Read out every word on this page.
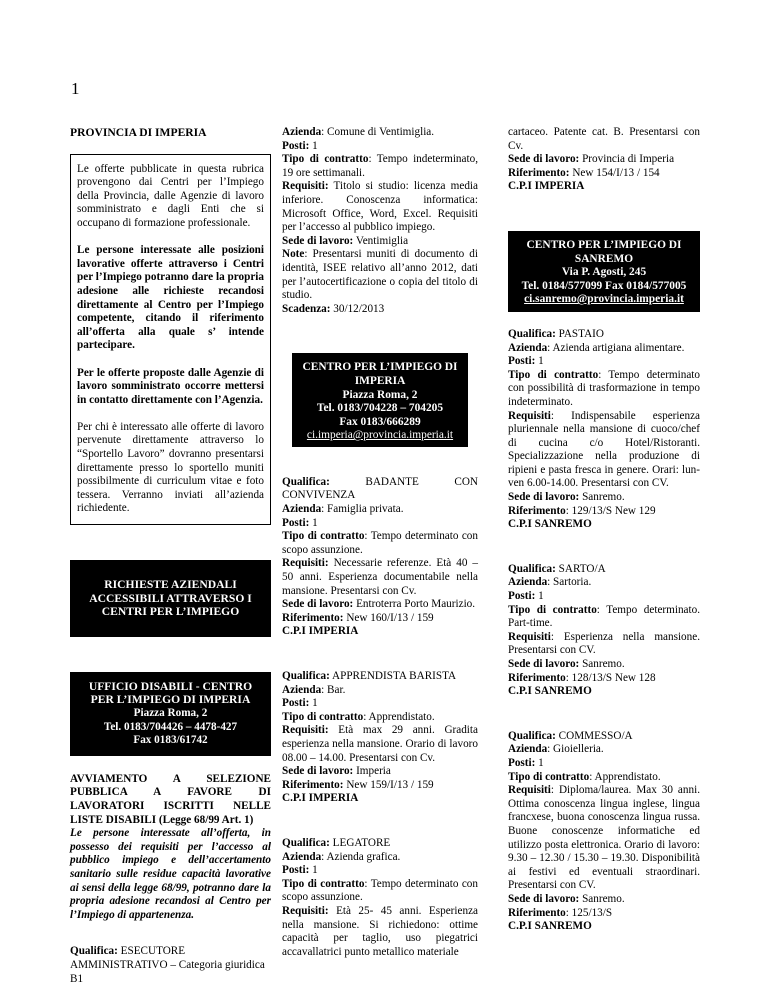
1

PROVINCIA DI IMPERIA

Le offerte pubblicate in questa rubrica provengono dai Centri per l’Impiego della Provincia, dalle Agenzie di lavoro somministrato e dagli Enti che si occupano di formazione professionale.

Le persone interessate alle posizioni lavorative offerte attraverso i Centri per l’Impiego potranno dare la propria adesione alle richieste recandosi direttamente al Centro per l’Impiego competente, citando il riferimento all’offerta alla quale s’ intende partecipare.

Per le offerte proposte dalle Agenzie di lavoro somministrato occorre mettersi in contatto direttamente con l’Agenzia.

Per chi è interessato alle offerte di lavoro pervenute direttamente attraverso lo “Sportello Lavoro” dovranno presentarsi direttamente presso lo sportello muniti possibilmente di curriculum vitae e foto tessera. Verranno inviati all’azienda richiedente.

RICHIESTE AZIENDALI ACCESSIBILI ATTRAVERSO I CENTRI PER L’IMPIEGO

UFFICIO DISABILI - CENTRO PER L’IMPIEGO DI IMPERIA

Piazza Roma, 2

Tel. 0183/704426 – 4478-427

Fax 0183/61742

AVVIAMENTO A SELEZIONE PUBBLICA A FAVORE DI LAVORATORI ISCRITTI NELLE LISTE DISABILI (Legge 68/99 Art. 1)

Le persone interessate all’offerta, in possesso dei requisiti per l’accesso al pubblico impiego e dell’accertamento sanitario sulle residue capacità lavorative ai sensi della legge 68/99, potranno dare la propria adesione recandosi al Centro per l’Impiego di appartenenza.

Qualifica: ESECUTORE AMMINISTRATIVO – Categoria giuridica B1

Azienda: Comune di Ventimiglia.

Posti: 1

Tipo di contratto: Tempo indeterminato, 19 ore settimanali.

Requisiti: Titolo si studio: licenza media inferiore. Conoscenza informatica: Microsoft Office, Word, Excel. Requisiti per l’accesso al pubblico impiego.

Sede di lavoro: Ventimiglia

Note: Presentarsi muniti di documento di identità, ISEE relativo all’anno 2012, dati per l’autocertificazione o copia del titolo di studio.

Scadenza: 30/12/2013

CENTRO PER L’IMPIEGO DI IMPERIA

Piazza Roma, 2

Tel. 0183/704228 – 704205

Fax 0183/666289

ci.imperia@provincia.imperia.it

Qualifica: BADANTE CON CONVIVENZA

Azienda: Famiglia privata.

Posti: 1

Tipo di contratto: Tempo determinato con scopo assunzione.

Requisiti: Necessarie referenze. Età 40 – 50 anni. Esperienza documentabile nella mansione. Presentarsi con Cv.

Sede di lavoro: Entroterra Porto Maurizio.

Riferimento: New 160/I/13 / 159

C.P.I IMPERIA

Qualifica: APPRENDISTA BARISTA

Azienda: Bar.

Posti: 1

Tipo di contratto: Apprendistato.

Requisiti: Età max 29 anni. Gradita esperienza nella mansione. Orario di lavoro 08.00 – 14.00. Presentarsi con Cv.

Sede di lavoro: Imperia

Riferimento: New 159/I/13 / 159

C.P.I IMPERIA

Qualifica: LEGATORE

Azienda: Azienda grafica.

Posti: 1

Tipo di contratto: Tempo determinato con scopo assunzione.

Requisiti: Età 25- 45 anni. Esperienza nella mansione. Si richiedono: ottime capacità per taglio, uso piegatrici accavallatrici punto metallico materiale

cartaceo. Patente cat. B. Presentarsi con Cv.

Sede di lavoro: Provincia di Imperia

Riferimento: New 154/I/13 / 154

C.P.I IMPERIA

CENTRO PER L’IMPIEGO DI SANREMO

Via P. Agosti, 245

Tel. 0184/577099 Fax 0184/577005

ci.sanremo@provincia.imperia.it

Qualifica: PASTAIO

Azienda: Azienda artigiana alimentare.

Posti: 1

Tipo di contratto: Tempo determinato con possibilità di trasformazione in tempo indeterminato.

Requisiti: Indispensabile esperienza pluriennale nella mansione di cuoco/chef di cucina c/o Hotel/Ristoranti. Specializzazione nella produzione di ripieni e pasta fresca in genere. Orari: lun-ven 6.00-14.00. Presentarsi con CV.

Sede di lavoro: Sanremo.

Riferimento: 129/13/S New 129

C.P.I SANREMO

Qualifica: SARTO/A

Azienda: Sartoria.

Posti: 1

Tipo di contratto: Tempo determinato. Part-time.

Requisiti: Esperienza nella mansione. Presentarsi con CV.

Sede di lavoro: Sanremo.

Riferimento: 128/13/S New 128

C.P.I SANREMO

Qualifica: COMMESSO/A

Azienda: Gioielleria.

Posti: 1

Tipo di contratto: Apprendistato.

Requisiti: Diploma/laurea. Max 30 anni. Ottima conoscenza lingua inglese, lingua francxese, buona conoscenza lingua russa. Buone conoscenze informatiche ed utilizzo posta elettronica. Orario di lavoro: 9.30 – 12.30 / 15.30 – 19.30. Disponibilità ai festivi ed eventuali straordinari. Presentarsi con CV.

Sede di lavoro: Sanremo.

Riferimento: 125/13/S

C.P.I SANREMO
